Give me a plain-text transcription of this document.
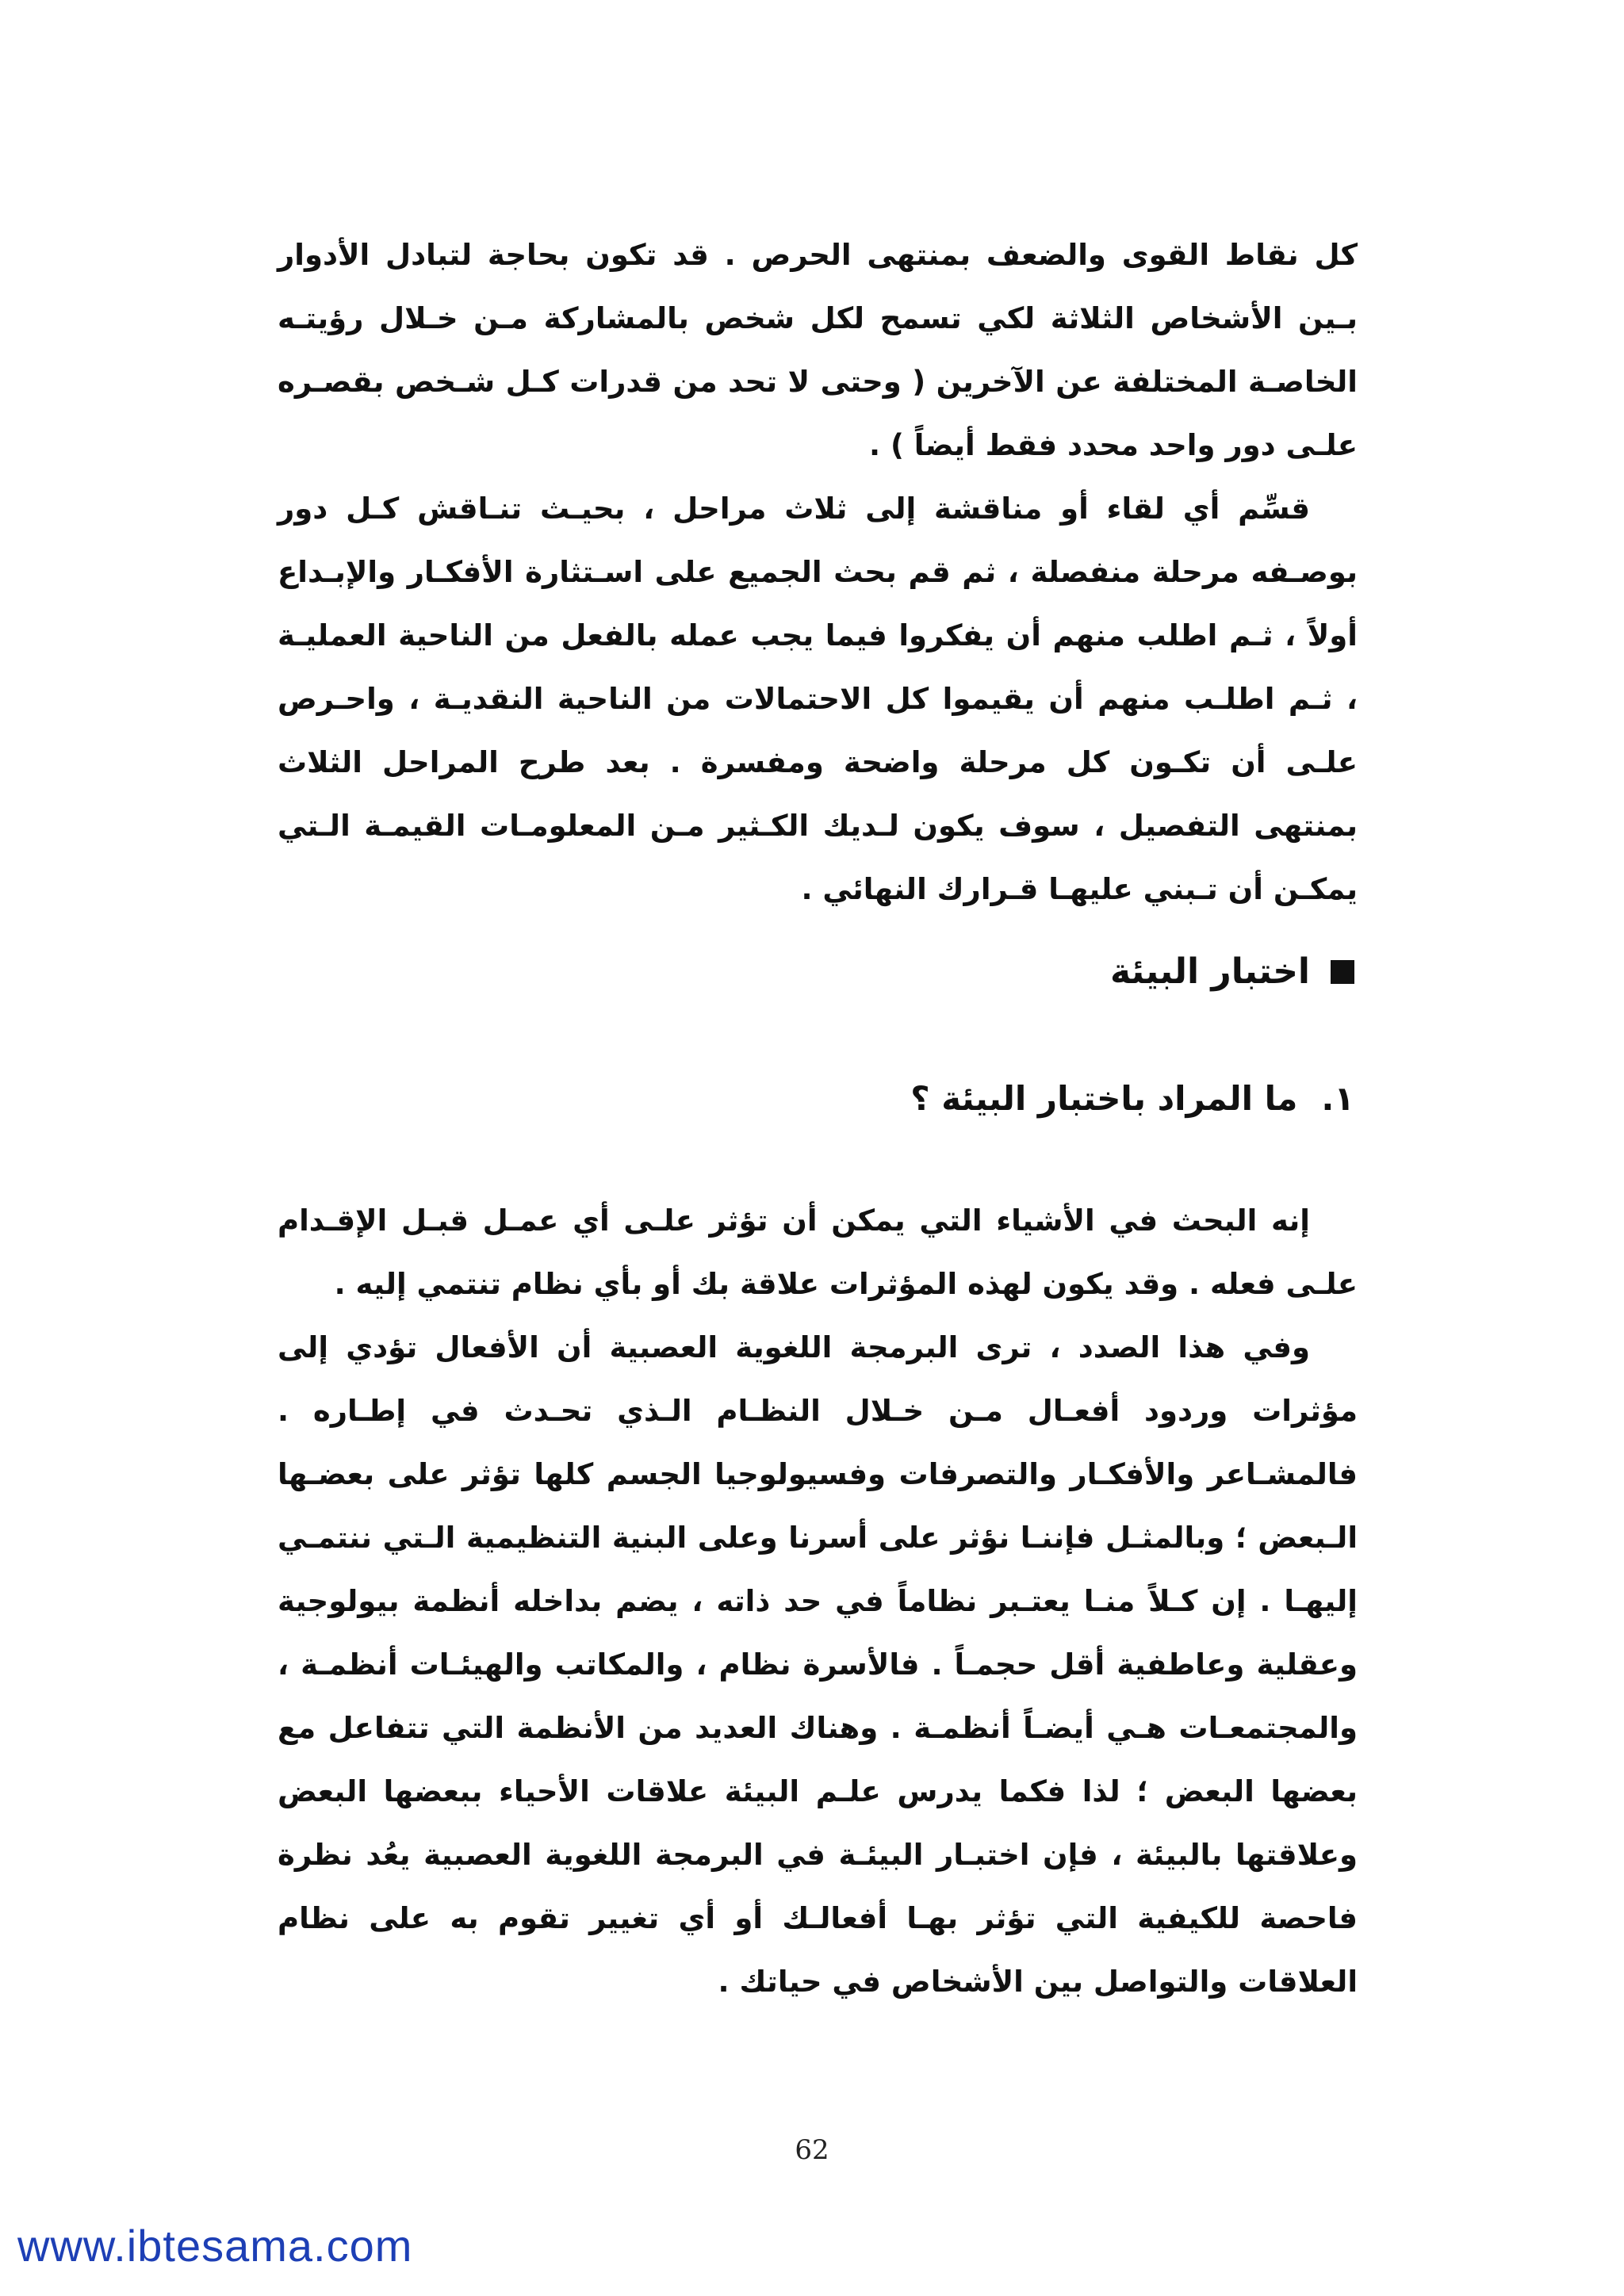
كل نقاط القوى والضعف بمنتهى الحرص . قد تكون بحاجة لتبادل الأدوار بـين الأشخاص الثلاثة لكي تسمح لكل شخص بالمشاركة مـن خـلال رؤيتـه الخاصـة المختلفة عن الآخرين ( وحتى لا تحد من قدرات كـل شـخص بقصـره علـى دور واحد محدد فقط أيضاً ) .

قسِّم أي لقاء أو مناقشة إلى ثلاث مراحل ، بحيـث تنـاقش كـل دور بوصـفه مرحلة منفصلة ، ثم قم بحث الجميع على اسـتثارة الأفكـار والإبـداع أولاً ، ثـم اطلب منهم أن يفكروا فيما يجب عمله بالفعل من الناحية العمليـة ، ثـم اطلـب منهم أن يقيموا كل الاحتمالات من الناحية النقديـة ، واحـرص علـى أن تكـون كل مرحلة واضحة ومفسرة . بعد طرح المراحل الثلاث بمنتهى التفصيل ، سوف يكون لـديك الكـثير مـن المعلومـات القيمـة الـتي يمكـن أن تـبني عليهـا قـرارك النهائي .

اختبار البيئة
١.
ما المراد باختبار البيئة ؟

إنه البحث في الأشياء التي يمكن أن تؤثر علـى أي عمـل قبـل الإقـدام علـى فعله . وقد يكون لهذه المؤثرات علاقة بك أو بأي نظام تنتمي إليه .

وفي هذا الصدد ، ترى البرمجة اللغوية العصبية أن الأفعال تؤدي إلى مؤثرات وردود أفعـال مـن خـلال النظـام الـذي تحـدث في إطـاره . فالمشـاعر والأفكـار والتصرفات وفسيولوجيا الجسم كلها تؤثر على بعضـها الـبعض ؛ وبالمثـل فإننـا نؤثر على أسرنا وعلى البنية التنظيمية الـتي ننتمـي إليهـا . إن كـلاً منـا يعتـبر نظاماً في حد ذاته ، يضم بداخله أنظمة بيولوجية وعقلية وعاطفية أقل حجمـاً . فالأسرة نظام ، والمكاتب والهيئـات أنظمـة ، والمجتمعـات هـي أيضـاً أنظمـة . وهناك العديد من الأنظمة التي تتفاعل مع بعضها البعض ؛ لذا فكما يدرس علـم البيئة علاقات الأحياء ببعضها البعض وعلاقتها بالبيئة ، فإن اختبـار البيئـة في البرمجة اللغوية العصبية يعُد نظرة فاحصة للكيفية التي تؤثر بهـا أفعالـك أو أي تغيير تقوم به على نظام العلاقات والتواصل بين الأشخاص في حياتك .

62
www.ibtesama.com
